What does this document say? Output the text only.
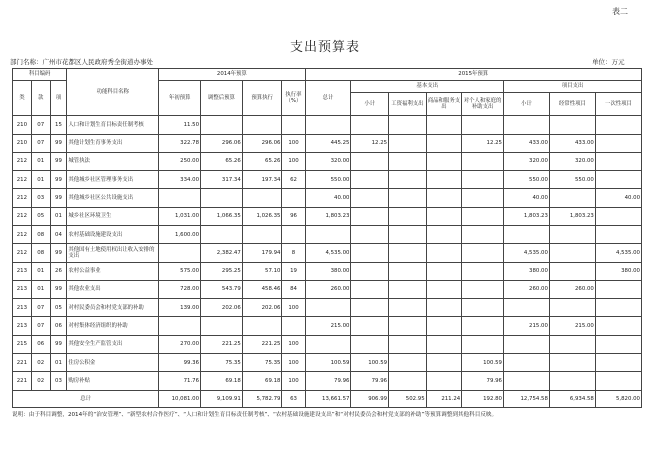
表二
支出预算表
部门名称：广州市花都区人民政府秀全街道办事处	单位：万元
科目编码			功能科目名称	2014年预算				2015年预算							
类	款	项		年初预算	调整后预算	预算执行	执行率（%）	总计	基本支出				项目支出		
									小计	工资福利支出	商品和服务支出	对个人和家庭的补助支出	小计	经常性项目	一次性项目
210	07	15	人口和计划生育目标责任制考核	11.50											
210	07	99	其他计划生育事务支出	322.78	296.06	296.06	100	445.25	12.25			12.25	433.00	433.00	
212	01	99	城管执法	250.00	65.26	65.26	100	320.00					320.00	320.00	
212	01	99	其他城乡社区管理事务支出	334.00	317.34	197.34	62	550.00					550.00	550.00	
212	03	99	其他城乡社区公共设施支出					40.00					40.00		40.00
212	05	01	城乡社区环境卫生	1,031.00	1,066.35	1,026.35	96	1,803.23					1,803.23	1,803.23	
212	08	04	农村基础设施建设支出	1,600.00											
212	08	99	其他国有土地使用权出让收入安排的支出		2,382.47	179.94	8	4,535.00					4,535.00		4,535.00
213	01	26	农村公益事业	575.00	295.25	57.10	19	380.00					380.00		380.00
213	01	99	其他农业支出	728.00	543.79	458.46	84	260.00					260.00	260.00	
213	07	05	对村民委员会和村党支部的补助	139.00	202.06	202.06	100								
213	07	06	对村集体经济组织的补助					215.00					215.00	215.00	
215	06	99	其他安全生产监管支出	270.00	221.25	221.25	100								
221	02	01	住房公积金	99.36	75.35	75.35	100	100.59	100.59			100.59			
221	02	03	购房补贴	71.76	69.18	69.18	100	79.96	79.96			79.96			
总计				10,081.00	9,109.91	5,782.79	63	13,661.57	906.99	502.95	211.24	192.80	12,754.58	6,934.58	5,820.00
说明：由于科目调整，2014年的“治安管理”、“新型农村合作医疗”、“人口和计划生育目标责任制考核”、“农村基础设施建设支出”和“对村民委员会和村党支部的补助”等预算调整到其他科目反映。
